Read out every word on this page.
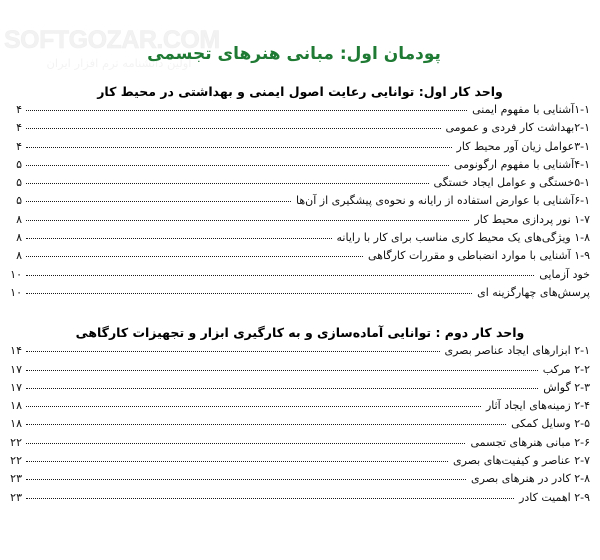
SOFTGOZAR.COM
اولین دانشنامه نرم افزار ایران
پودمان اول: مبانی هنرهای تجسمی
واحد کار اول: توانایی رعایت اصول ایمنی و بهداشتی در محیط کار
۱-۱آشنایی با مفهوم ایمنی
۴
۲-۱بهداشت کار فردی و عمومی
۴
۳-۱عوامل زیان آور محیط کار
۴
۴-۱آشنایی با مفهوم ارگونومی
۵
۵-۱خستگی و عوامل ایجاد خستگی
۵
۶-۱آشنایی با عوارض استفاده از رایانه و نحوه‌ی پیشگیری از آن‌ها
۵
۱-۷ نور پردازی محیط کار
۸
۱-۸ ویژگی‌های یک محیط کاری مناسب برای کار با رایانه
۸
۱-۹ آشنایی با موارد انضباطی و مقررات کارگاهی
۸
خود آزمایی
۱۰
پرسش‌های چهارگزینه ای
۱۰
واحد کار دوم : توانایی آماده‌سازی و به کارگیری ابزار و تجهیزات کارگاهی
۲-۱ ابزارهای ایجاد عناصر بصری
۱۴
۲-۲ مرکب
۱۷
۲-۳ گواش
۱۷
۲-۴ زمینه‌های ایجاد آثار
۱۸
۲-۵ وسایل کمکی
۱۸
۲-۶ مبانی هنرهای تجسمی
۲۲
۲-۷ عناصر و کیفیت‌های بصری
۲۲
۲-۸ کادر در هنرهای بصری
۲۳
۲-۹ اهمیت کادر
۲۳
